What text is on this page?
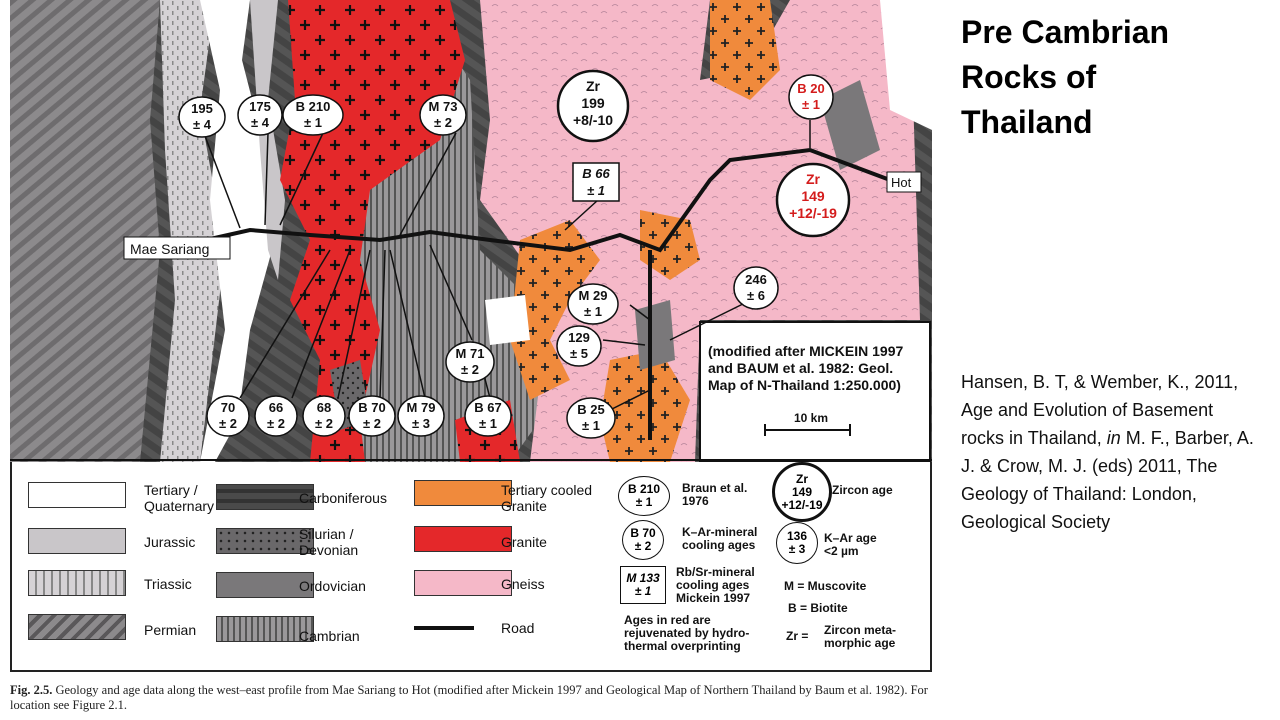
(modified after MICKEIN 1997
and BAUM et al. 1982: Geol.
Map of N-Thailand 1:250.000)
10 km
Mae Sariang
Hot
195
± 4
175
± 4
B 210
± 1
M 73
± 2
Zr
199
+8/-10
B 66
± 1
B 20
± 1
Zr
149
+12/-19
M 29
± 1
246
± 6
129
± 5
M 71
± 2
B 25
± 1
70
± 2
66
± 2
68
± 2
B 70
± 2
M 79
± 3
B 67
± 1
Tertiary /
Quaternary
Jurassic
Triassic
Permian
Carboniferous
Silurian /
Devonian
Ordovician
Cambrian
Tertiary cooled
Granite
Granite
Gneiss
Road
B 210
± 1
Braun et al.
1976
B 70
± 2
K–Ar-mineral
cooling ages
M 133
± 1
Rb/Sr-mineral
cooling ages
Mickein 1997
Ages in red are
rejuvenated by hydro-
thermal overprinting
Zr
149
+12/-19
Zircon age
136
± 3
K–Ar age
<2 µm
M = Muscovite
B = Biotite
Zr = Zircon meta-
morphic age
Fig. 2.5. Geology and age data along the west–east profile from Mae Sariang to Hot (modified after Mickein 1997 and Geological Map of Northern Thailand by Baum et al. 1982). For location see Figure 2.1.
Pre Cambrian
Rocks of
Thailand
Hansen, B. T, & Wember, K., 2011, Age and Evolution of Basement rocks in Thailand, in M. F., Barber, A. J. & Crow, M. J. (eds) 2011, The Geology of Thailand: London, Geological Society
